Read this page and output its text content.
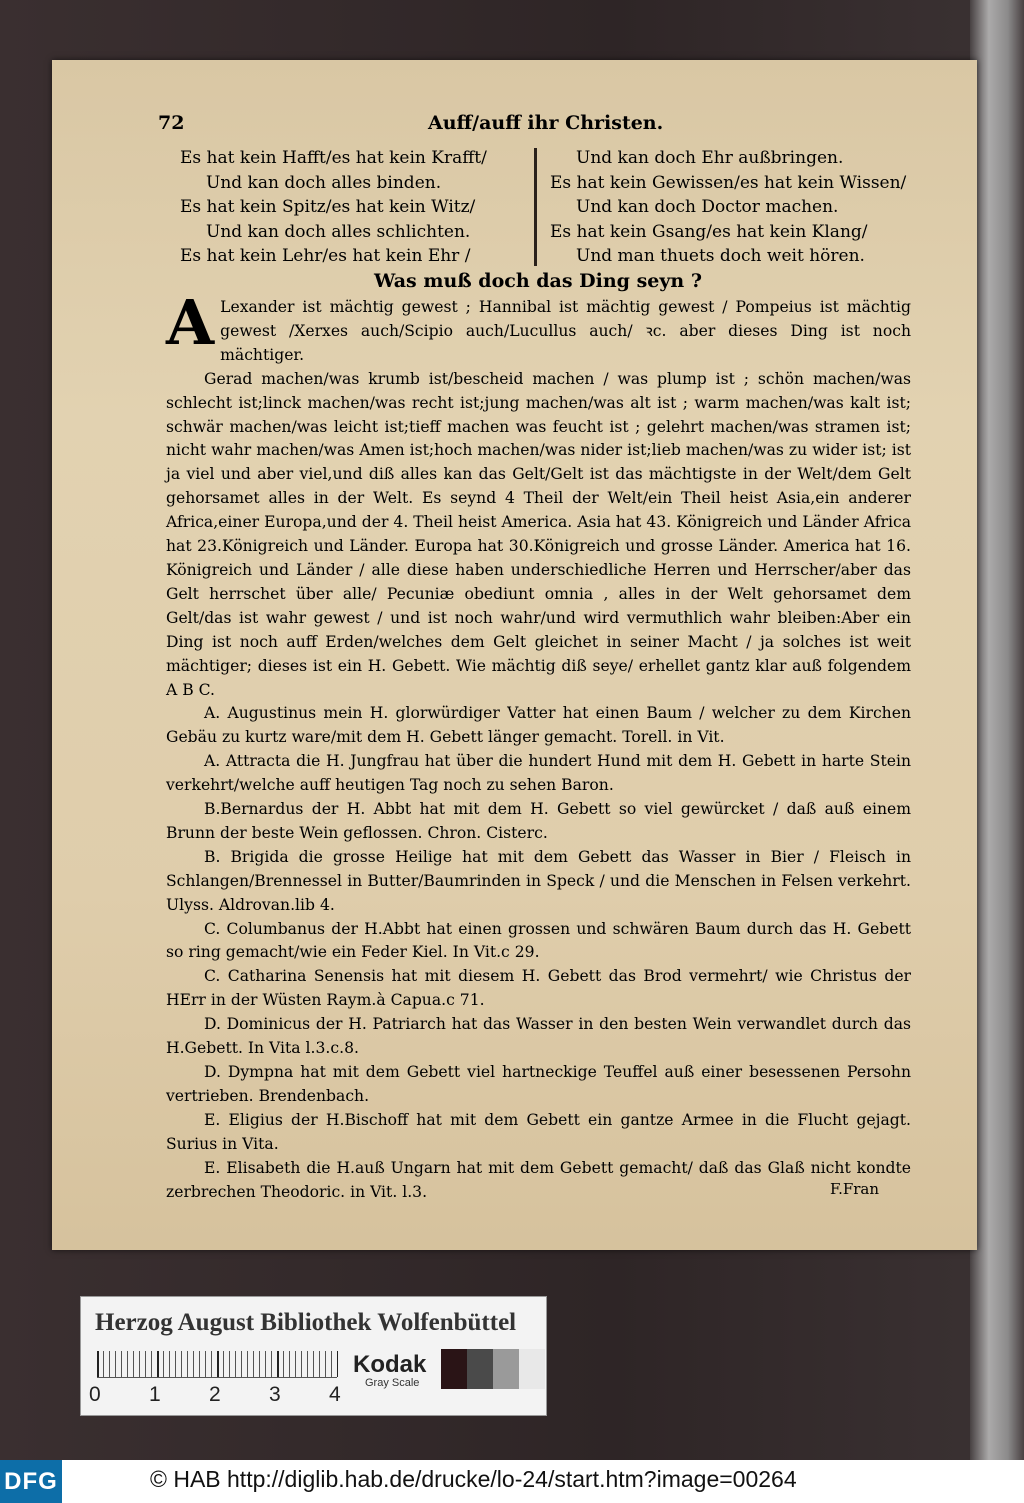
72	Auff/auff ihr Christen.
Es hat kein Hafft/es hat kein Krafft/
Und kan doch alles binden.
Es hat kein Spitz/es hat kein Witz/
Und kan doch alles schlichten.
Es hat kein Lehr/es hat kein Ehr /
Und kan doch Ehr außbringen.
Es hat kein Gewissen/es hat kein Wissen/
Und kan doch Doctor machen.
Es hat kein Gsang/es hat kein Klang/
Und man thuets doch weit hören.
Was muß doch das Ding seyn ?

A Lexander ist mächtig gewest ; Hannibal ist mächtig gewest / Pompeius ist mächtig gewest /Xerxes auch/Scipio auch/Lucullus auch/ ꝛc. aber dieses Ding ist noch mächtiger.

Gerad machen/was krumb ist/bescheid machen / was plump ist ; schön machen/was schlecht ist;linck machen/was recht ist;jung machen/was alt ist ; warm machen/was kalt ist; schwär machen/was leicht ist;tieff machen was feucht ist ; gelehrt machen/was stramen ist; nicht wahr machen/was Amen ist;hoch machen/was nider ist;lieb machen/was zu wider ist; ist ja viel und aber viel,und diß alles kan das Gelt/Gelt ist das mächtigste in der Welt/dem Gelt gehorsamet alles in der Welt. Es seynd 4 Theil der Welt/ein Theil heist Asia,ein anderer Africa,einer Europa,und der 4. Theil heist America. Asia hat 43. Königreich und Länder Africa hat 23.Königreich und Länder. Europa hat 30.Königreich und grosse Länder. America hat 16. Königreich und Länder / alle diese haben underschiedliche Herren und Herrscher/aber das Gelt herrschet über alle/ Pecuniæ obediunt omnia , alles in der Welt gehorsamet dem Gelt/das ist wahr gewest / und ist noch wahr/und wird vermuthlich wahr bleiben:Aber ein Ding ist noch auff Erden/welches dem Gelt gleichet in seiner Macht / ja solches ist weit mächtiger; dieses ist ein H. Gebett. Wie mächtig diß seye/ erhellet gantz klar auß folgendem A B C.

A. Augustinus mein H. glorwürdiger Vatter hat einen Baum / welcher zu dem Kirchen Gebäu zu kurtz ware/mit dem H. Gebett länger gemacht. Torell. in Vit.

A. Attracta die H. Jungfrau hat über die hundert Hund mit dem H. Gebett in harte Stein verkehrt/welche auff heutigen Tag noch zu sehen Baron.

B.Bernardus der H. Abbt hat mit dem H. Gebett so viel gewürcket / daß auß einem Brunn der beste Wein geflossen. Chron. Cisterc.

B. Brigida die grosse Heilige hat mit dem Gebett das Wasser in Bier / Fleisch in Schlangen/Brennessel in Butter/Baumrinden in Speck / und die Menschen in Felsen verkehrt. Ulyss. Aldrovan.lib 4.

C. Columbanus der H.Abbt hat einen grossen und schwären Baum durch das H. Gebett so ring gemacht/wie ein Feder Kiel. In Vit.c 29.

C. Catharina Senensis hat mit diesem H. Gebett das Brod vermehrt/ wie Christus der HErr in der Wüsten Raym.à Capua.c 71.

D. Dominicus der H. Patriarch hat das Wasser in den besten Wein verwandlet durch das H.Gebett. In Vita l.3.c.8.

D. Dympna hat mit dem Gebett viel hartneckige Teuffel auß einer besessenen Persohn vertrieben. Brendenbach.

E. Eligius der H.Bischoff hat mit dem Gebett ein gantze Armee in die Flucht gejagt. Surius in Vita.

E. Elisabeth die H.auß Ungarn hat mit dem Gebett gemacht/ daß das Glaß nicht kondte zerbrechen Theodoric. in Vit. l.3.	F.Fran
Herzog August Bibliothek Wolfenbüttel
0 1 2 3 4
Kodak
Gray Scale
DFG	© HAB http://diglib.hab.de/drucke/lo-24/start.htm?image=00264
